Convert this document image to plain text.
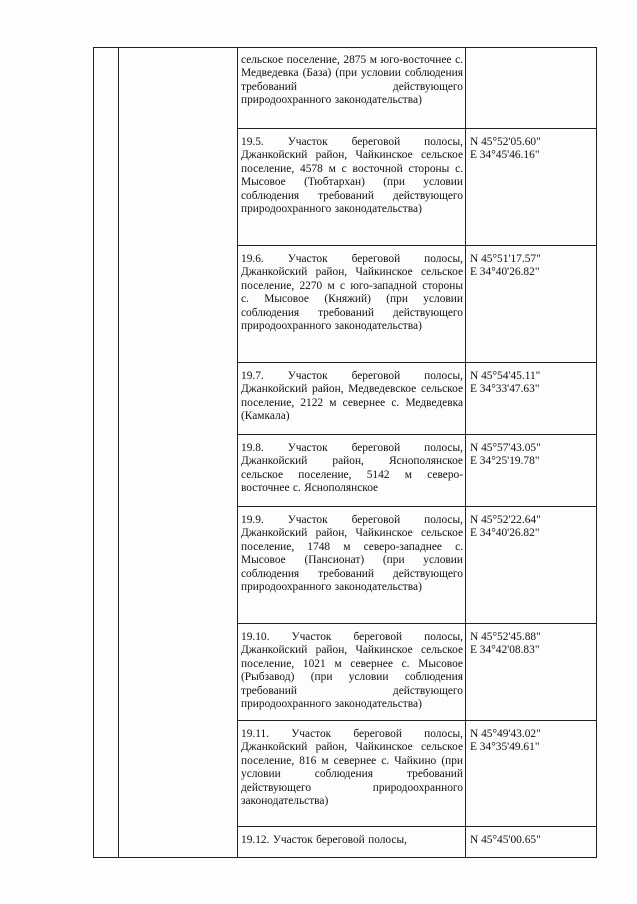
		сельское поселение, 2875 м юго-восточнее с. Медведевка (База) (при условии соблюдения требований действующего природоохранного законодательства)	

		19.5. Участок береговой полосы, Джанкойский район, Чайкинское сельское поселение, 4578 м с восточной стороны с. Мысовое (Тюбтархан) (при условии соблюдения требований действующего природоохранного законодательства)	N 45°52'05.60"
E 34°45'46.16"

		19.6. Участок береговой полосы, Джанкойский район, Чайкинское сельское поселение, 2270 м с юго-западной стороны с. Мысовое (Княжий) (при условии соблюдения требований действующего природоохранного законодательства)	N 45°51'17.57"
E 34°40'26.82"

		19.7. Участок береговой полосы, Джанкойский район, Медведевское сельское поселение, 2122 м севернее с. Медведевка (Камкала)	N 45°54'45.11"
E 34°33'47.63"

		19.8. Участок береговой полосы, Джанкойский район, Яснополянское сельское поселение, 5142 м северо-восточнее с. Яснополянское	N 45°57'43.05"
E 34°25'19.78"

		19.9. Участок береговой полосы, Джанкойский район, Чайкинское сельское поселение, 1748 м северо-западнее с. Мысовое (Пансионат) (при условии соблюдения требований действующего природоохранного законодательства)	N 45°52'22.64"
E 34°40'26.82"

		19.10. Участок береговой полосы, Джанкойский район, Чайкинское сельское поселение, 1021 м севернее с. Мысовое (Рыбзавод) (при условии соблюдения требований действующего природоохранного законодательства)	N 45°52'45.88"
E 34°42'08.83"

		19.11. Участок береговой полосы, Джанкойский район, Чайкинское сельское поселение, 816 м севернее с. Чайкино (при условии соблюдения требований действующего природоохранного законодательства)	N 45°49'43.02"
E 34°35'49.61"

		19.12. Участок береговой полосы,	N 45°45'00.65"
